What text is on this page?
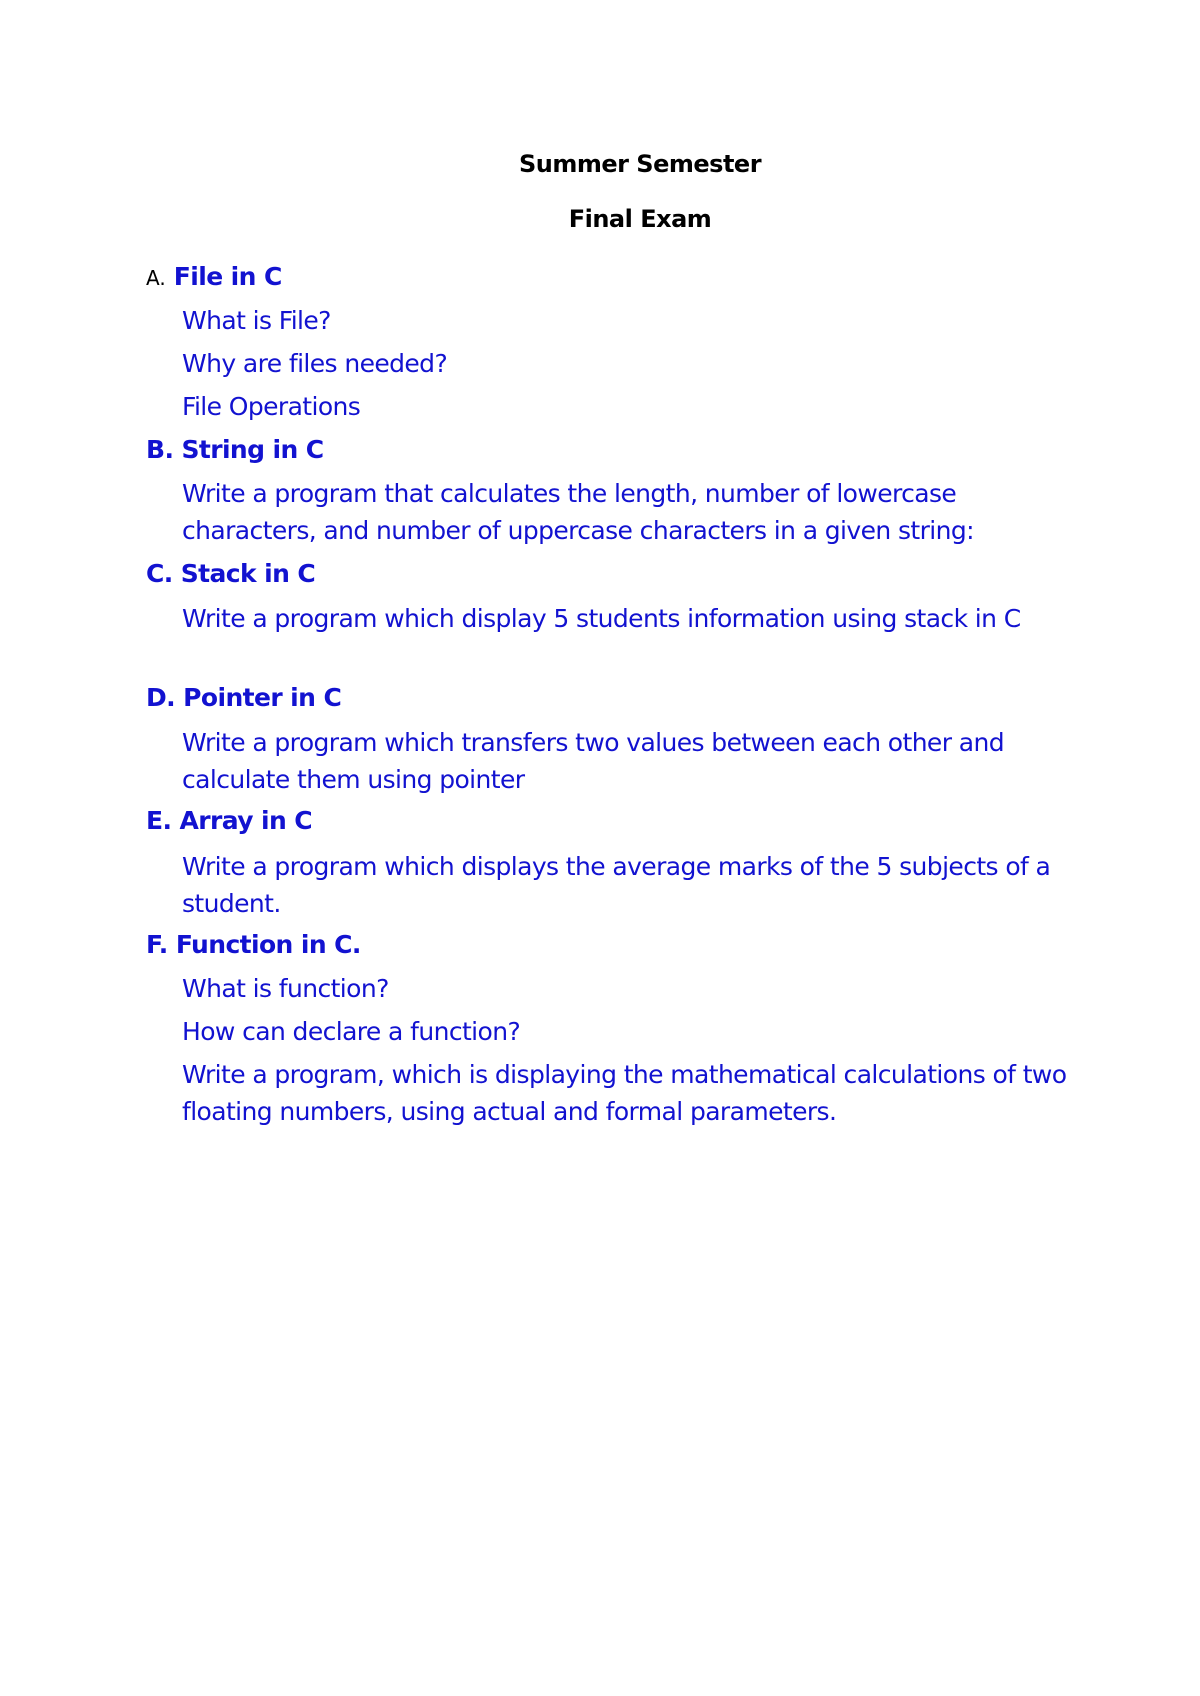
Summer Semester
Final Exam
A. File in C
What is File?
Why are files needed?
File Operations
B. String in C
Write a program that calculates the length, number of lowercase characters, and number of uppercase characters in a given string:
C. Stack in C
Write a program which display 5 students information using stack in C
D. Pointer in C
Write a program which transfers two values between each other and calculate them using pointer
E. Array in C
Write a program which displays the average marks of the 5 subjects of a student.
F. Function in C.
What is function?
How can declare a function?
Write a program, which is displaying the mathematical calculations of two floating numbers, using actual and formal parameters.
